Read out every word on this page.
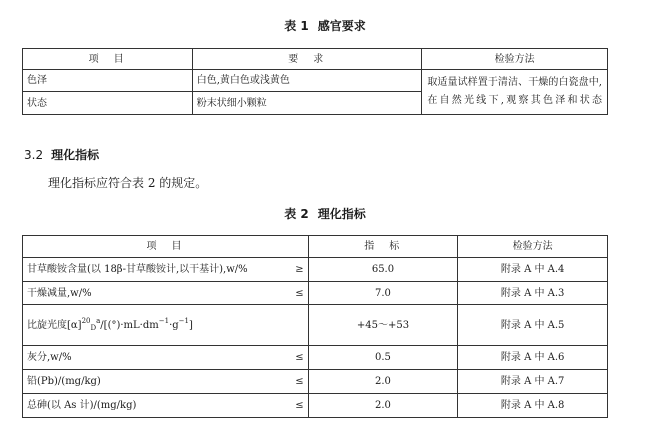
表 1 感官要求
项　目	要　求	检验方法
色泽	白色,黄白色或浅黄色	取适量试样置于清洁、干燥的白瓷盘中,在自然光线下,观察其色泽和状态
状态	粉末状细小颗粒	
3.2 理化指标
理化指标应符合表 2 的规定。
表 2 理化指标
项　目	指　标	检验方法

甘草酸铵含量(以 18β-甘草酸铵计,以干基计),w/% ≥	65.0	附录 A 中 A.4

干燥减量,w/% ≤	7.0	附录 A 中 A.3
比旋光度$[\alpha]^{20}_D^a/[(^\circ)\cdot mL\cdot dm^{-1}\cdot g^{-1}]$	+45～+53	附录 A 中 A.5

灰分,w/% ≤	0.5	附录 A 中 A.6

铅(Pb)/(mg/kg) ≤	2.0	附录 A 中 A.7

总砷(以 As 计)/(mg/kg) ≤	2.0	附录 A 中 A.8
